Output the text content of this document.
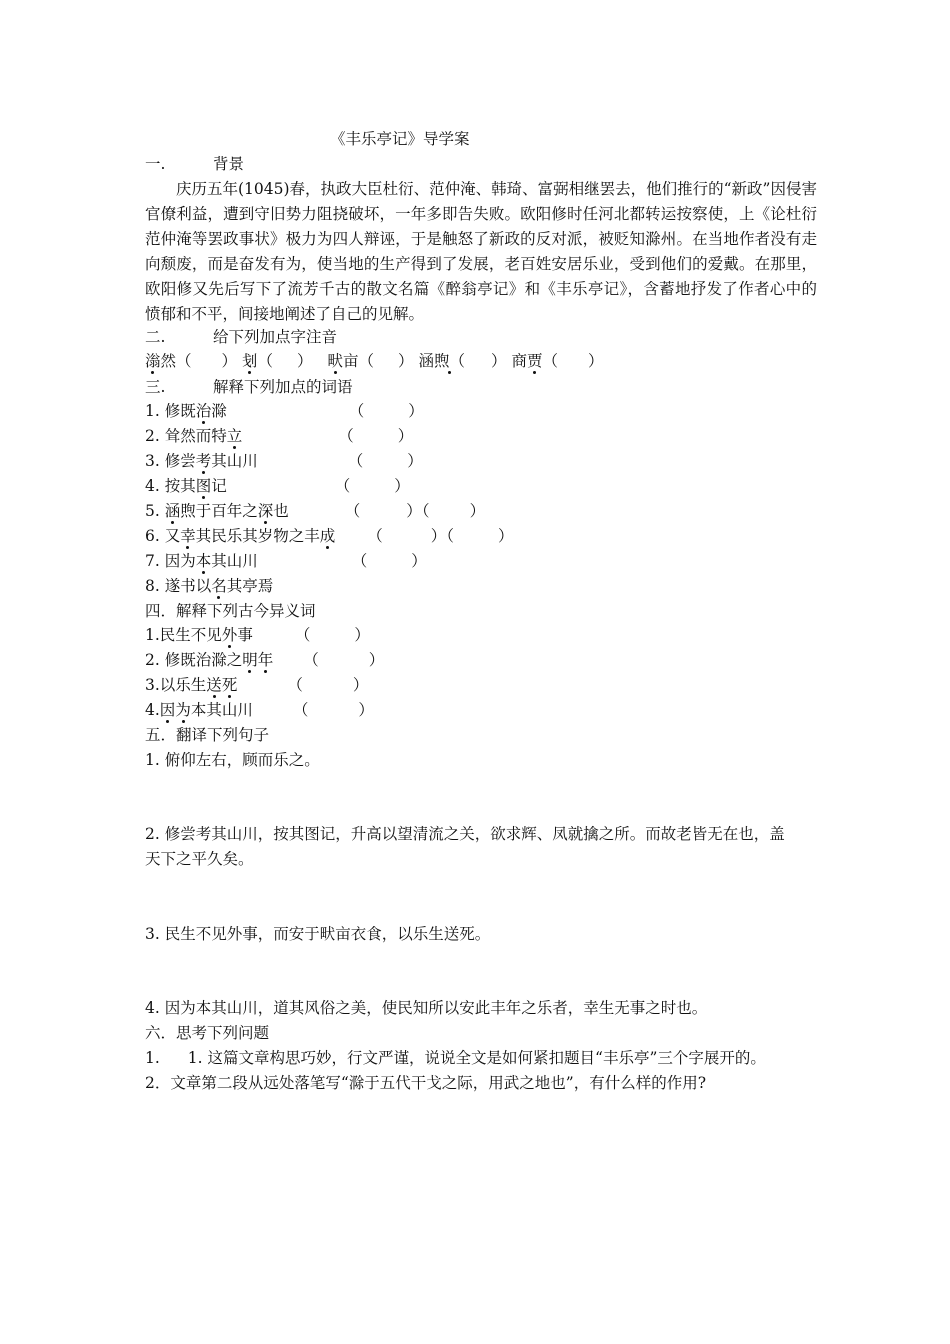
《丰乐亭记》导学案
一.	背景

庆历五年(1045)春，执政大臣杜衍、范仲淹、韩琦、富弼相继罢去，他们推行的“新政”因侵害官僚利益，遭到守旧势力阻挠破坏，一年多即告失败。欧阳修时任河北都转运按察使，上《论杜衍范仲淹等罢政事状》极力为四人辩诬，于是触怒了新政的反对派，被贬知滁州。在当地作者没有走向颓废，而是奋发有为，使当地的生产得到了发展，老百姓安居乐业，受到他们的爱戴。在那里，欧阳修又先后写下了流芳千古的散文名篇《醉翁亭记》和《丰乐亭记》，含蓄地抒发了作者心中的愤郁和不平，间接地阐述了自己的见解。

二.	给下列加点字注音
滃然（ ） 刬（ ） 畎亩（ ） 涵煦（ ） 商贾（ ）
三.	解释下列加点的词语
1. 修既治滁	（	）
2. 耸然而特立	（	）
3. 修尝考其山川	（	）
4. 按其图记	（	）
5. 涵煦于百年之深也	（	）（	）
6. 又幸其民乐其岁物之丰成 （	）（	）
7. 因为本其山川	（	）
8. 遂书以名其亭焉
四．解释下列古今异义词
1.民生不见外事	（	）
2. 修既治滁之明年 （	）
3.以乐生送死	（	）
4.因为本其山川	（	）
五．翻译下列句子
1. 俯仰左右，顾而乐之。
2. 修尝考其山川，按其图记，升高以望清流之关，欲求辉、凤就擒之所。而故老皆无在也，盖
天下之平久矣。
3. 民生不见外事，而安于畎亩衣食，以乐生送死。
4. 因为本其山川，道其风俗之美，使民知所以安此丰年之乐者，幸生无事之时也。
六．思考下列问题
1. 1. 这篇文章构思巧妙，行文严谨，说说全文是如何紧扣题目“丰乐亭”三个字展开的。
2．文章第二段从远处落笔写“滁于五代干戈之际，用武之地也”，有什么样的作用?
